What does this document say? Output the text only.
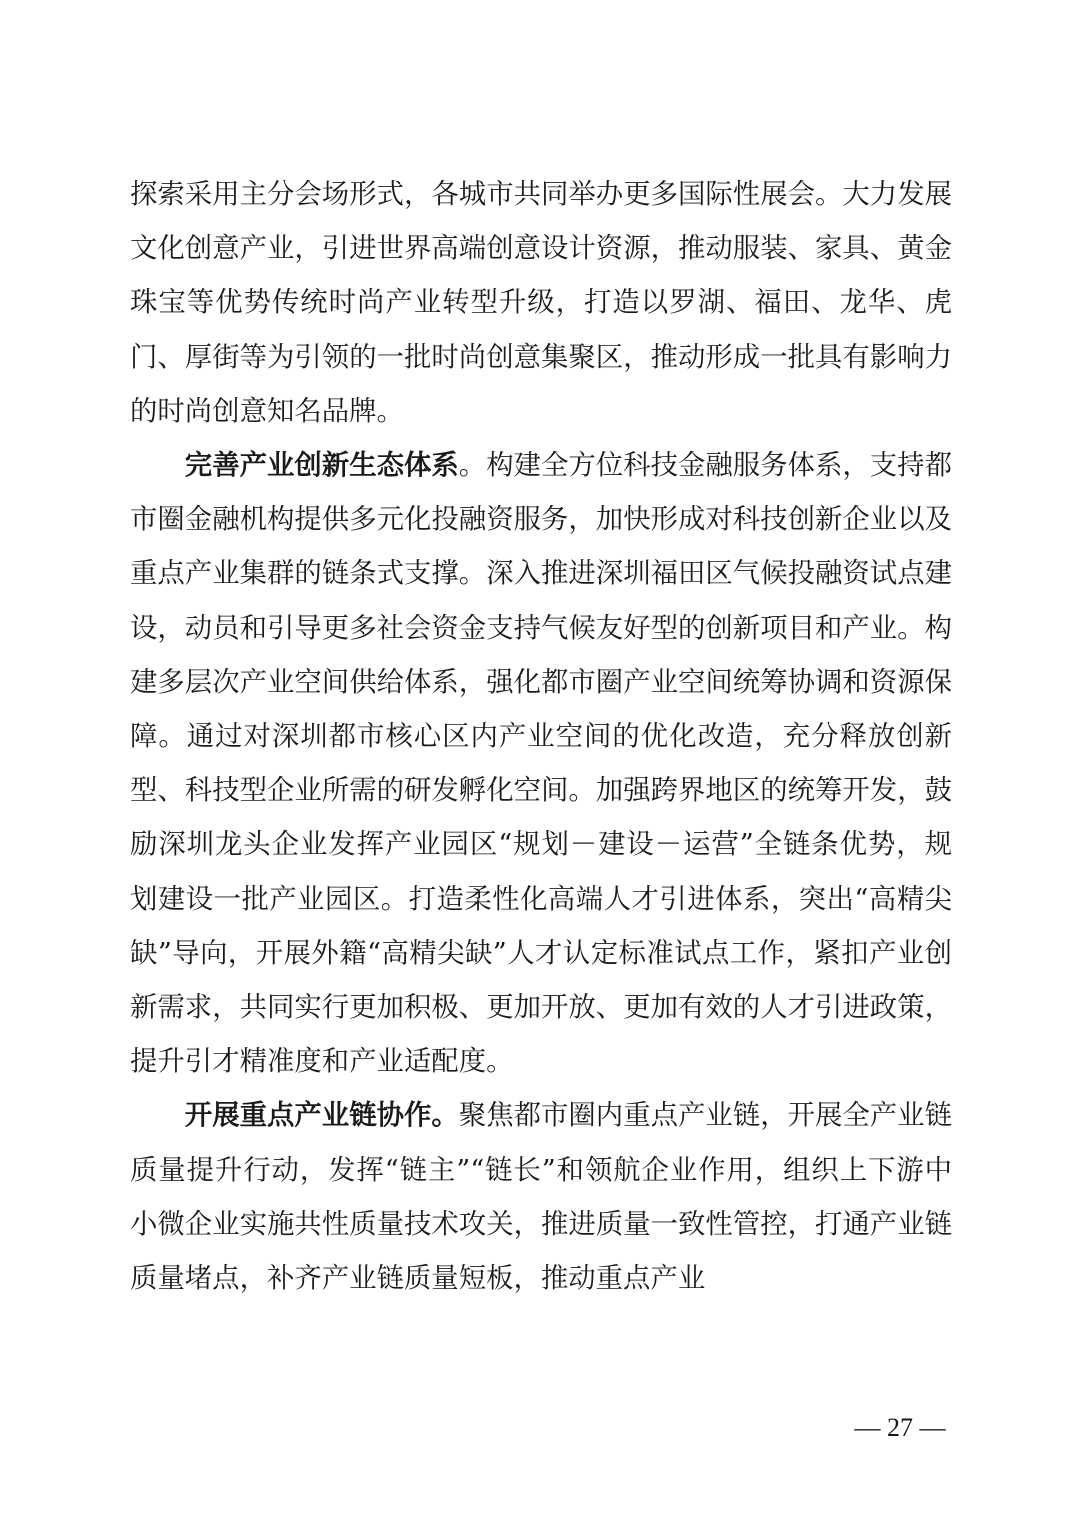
探索采用主分会场形式，各城市共同举办更多国际性展会。大力发展文化创意产业，引进世界高端创意设计资源，推动服装、家具、黄金珠宝等优势传统时尚产业转型升级，打造以罗湖、福田、龙华、虎门、厚街等为引领的一批时尚创意集聚区，推动形成一批具有影响力的时尚创意知名品牌。

完善产业创新生态体系。构建全方位科技金融服务体系，支持都市圈金融机构提供多元化投融资服务，加快形成对科技创新企业以及重点产业集群的链条式支撑。深入推进深圳福田区气候投融资试点建设，动员和引导更多社会资金支持气候友好型的创新项目和产业。构建多层次产业空间供给体系，强化都市圈产业空间统筹协调和资源保障。通过对深圳都市核心区内产业空间的优化改造，充分释放创新型、科技型企业所需的研发孵化空间。加强跨界地区的统筹开发，鼓励深圳龙头企业发挥产业园区“规划－建设－运营”全链条优势，规划建设一批产业园区。打造柔性化高端人才引进体系，突出“高精尖缺”导向，开展外籍“高精尖缺”人才认定标准试点工作，紧扣产业创新需求，共同实行更加积极、更加开放、更加有效的人才引进政策，提升引才精准度和产业适配度。

开展重点产业链协作。聚焦都市圈内重点产业链，开展全产业链质量提升行动，发挥“链主”“链长”和领航企业作用，组织上下游中小微企业实施共性质量技术攻关，推进质量一致性管控，打通产业链质量堵点，补齐产业链质量短板，推动重点产业

— 27 —
